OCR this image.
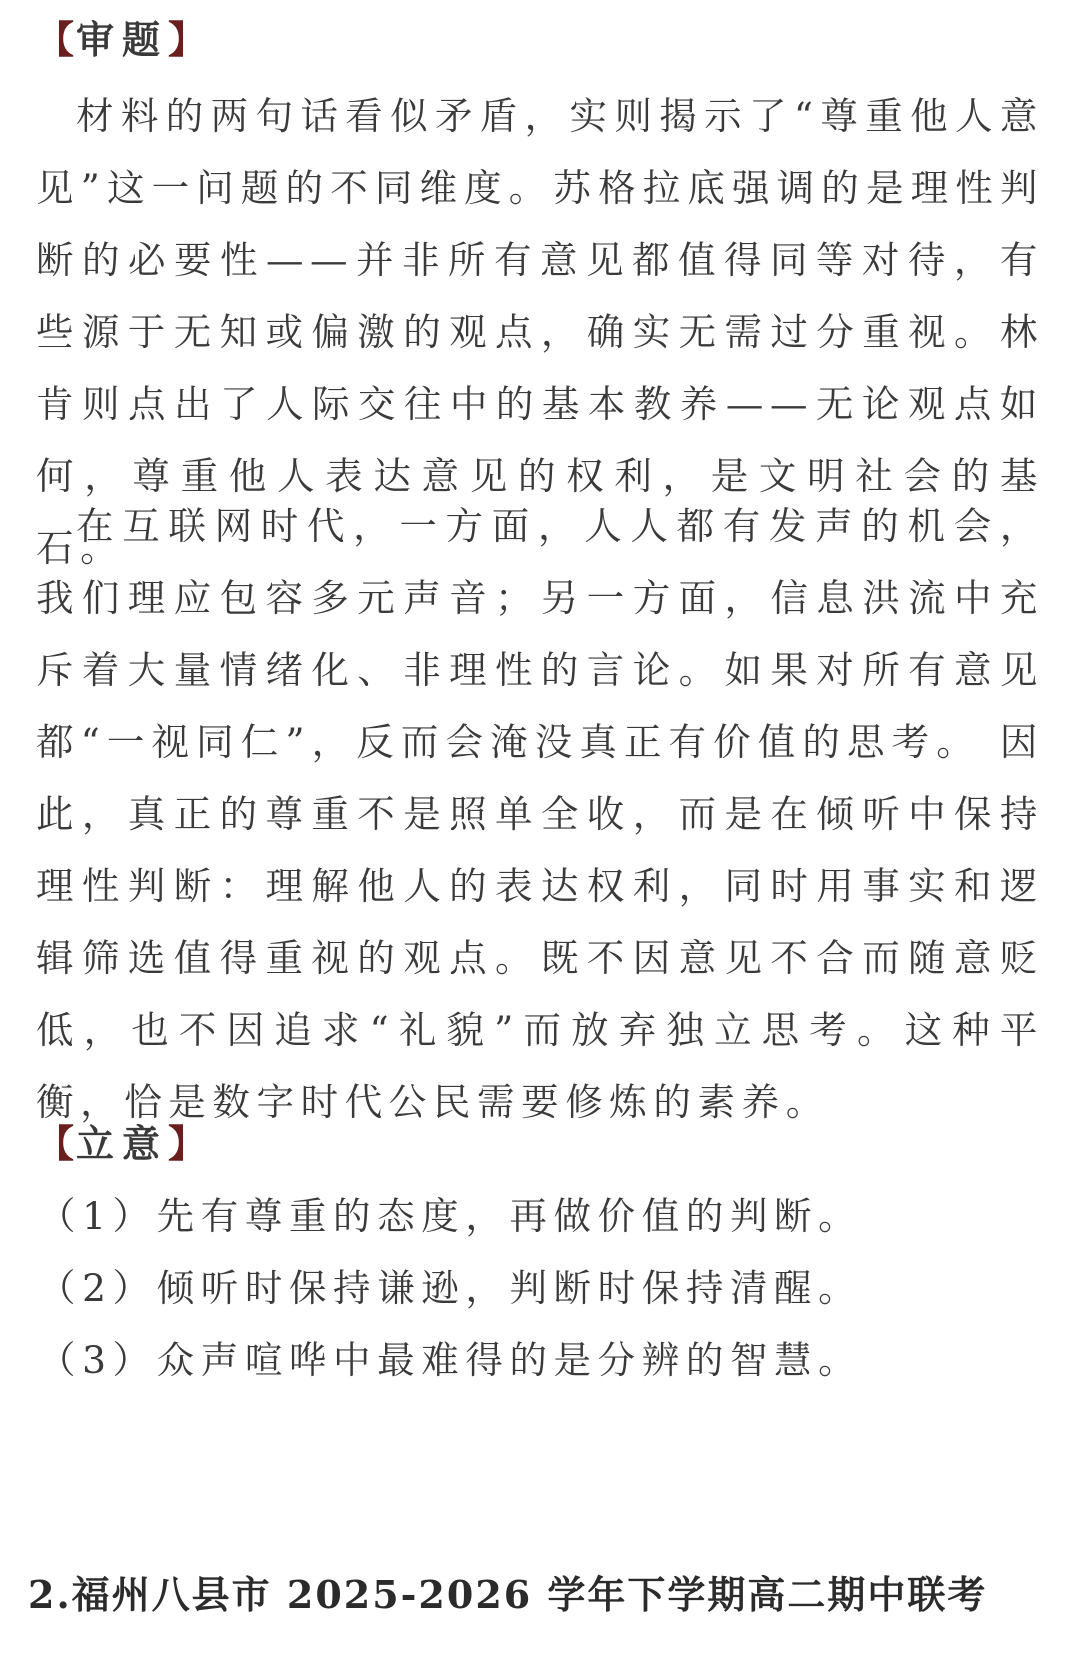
【审题】

材料的两句话看似矛盾，实则揭示了“尊重他人意见”这一问题的不同维度。苏格拉底强调的是理性判断的必要性——并非所有意见都值得同等对待，有些源于无知或偏激的观点，确实无需过分重视。林肯则点出了人际交往中的基本教养——无论观点如何，尊重他人表达意见的权利，是文明社会的基石。

在互联网时代，一方面，人人都有发声的机会，我们理应包容多元声音；另一方面，信息洪流中充斥着大量情绪化、非理性的言论。如果对所有意见都“一视同仁”，反而会淹没真正有价值的思考。 因此，真正的尊重不是照单全收，而是在倾听中保持理性判断：理解他人的表达权利，同时用事实和逻辑筛选值得重视的观点。既不因意见不合而随意贬低，也不因追求“礼貌”而放弃独立思考。这种平衡，恰是数字时代公民需要修炼的素养。

【立意】
（1）先有尊重的态度，再做价值的判断。
（2）倾听时保持谦逊，判断时保持清醒。
（3）众声喧哗中最难得的是分辨的智慧。
2.福州八县市 2025-2026 学年下学期高二期中联考
